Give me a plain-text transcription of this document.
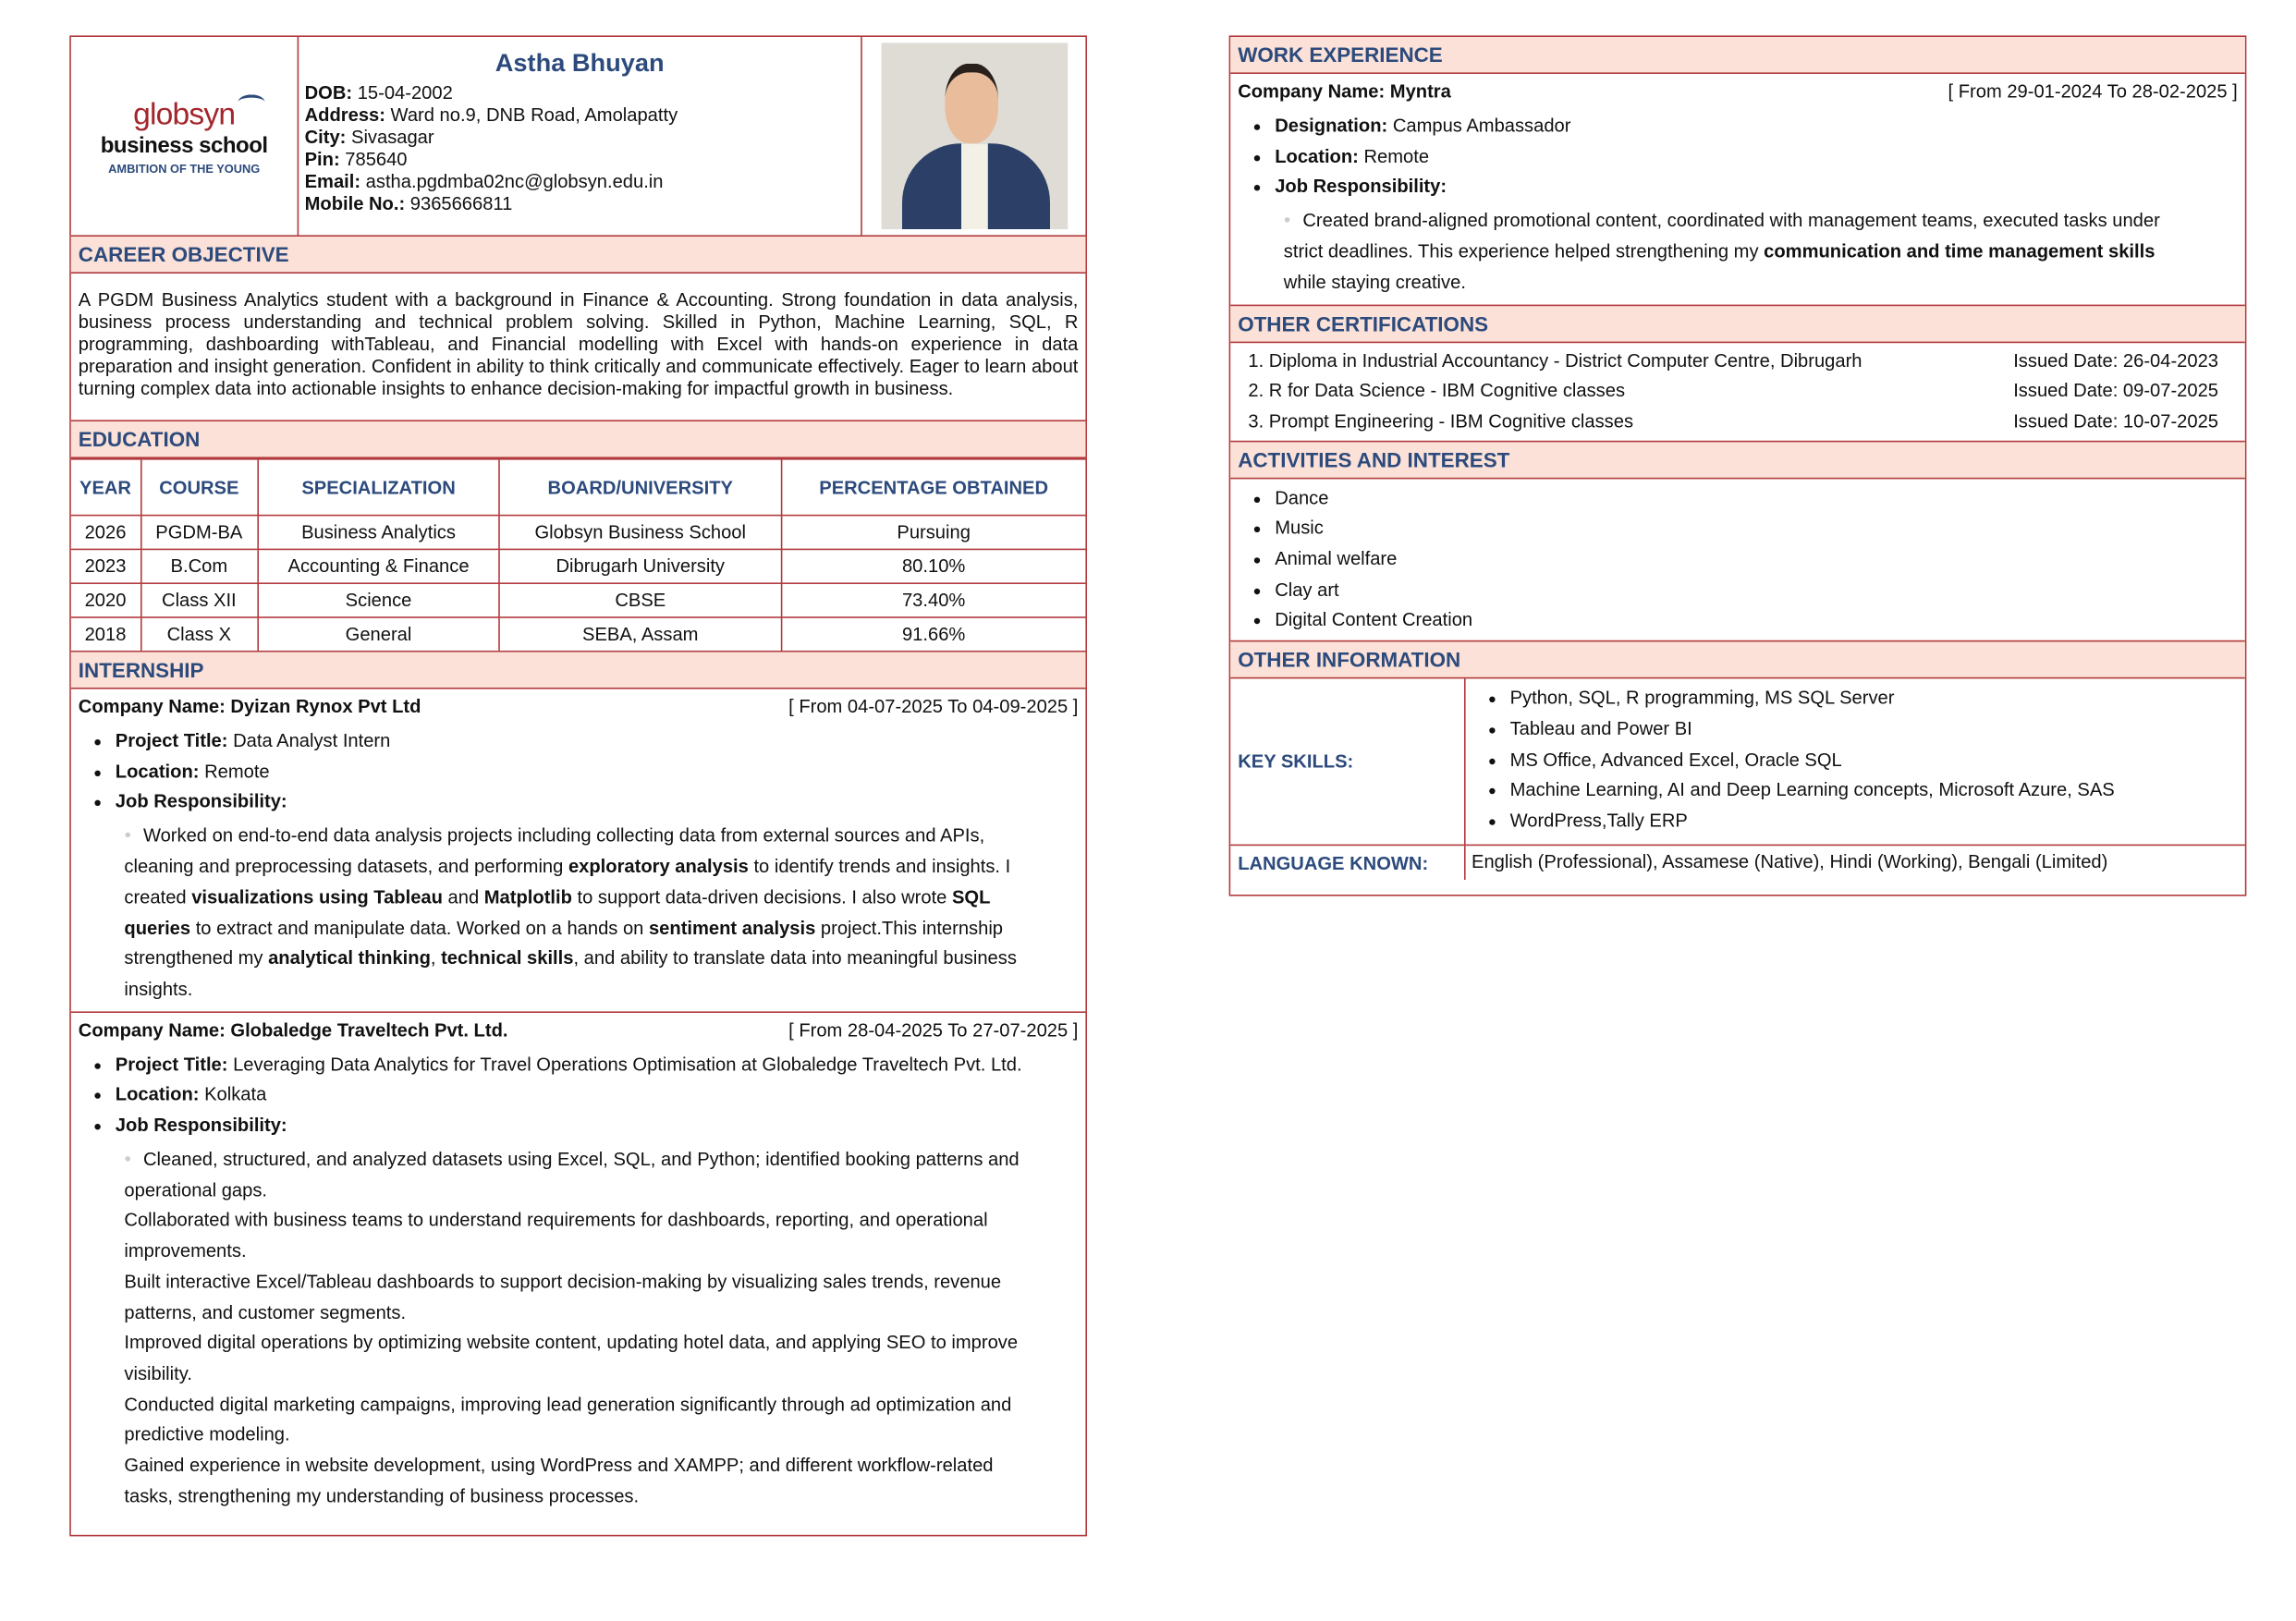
globsyn
business school
AMBITION OF THE YOUNG
Astha Bhuyan
DOB: 15-04-2002
Address: Ward no.9, DNB Road, Amolapatty
City: Sivasagar
Pin: 785640
Email: astha.pgdmba02nc@globsyn.edu.in
Mobile No.: 9365666811
CAREER OBJECTIVE
A PGDM Business Analytics student with a background in Finance & Accounting. Strong foundation in data analysis, business process understanding and technical problem solving. Skilled in Python, Machine Learning, SQL, R programming, dashboarding withTableau, and Financial modelling with Excel with hands-on experience in data preparation and insight generation. Confident in ability to think critically and communicate effectively. Eager to learn about turning complex data into actionable insights to enhance decision-making for impactful growth in business.
EDUCATION
YEAR	COURSE	SPECIALIZATION	BOARD/UNIVERSITY	PERCENTAGE OBTAINED
2026	PGDM-BA	Business Analytics	Globsyn Business School	Pursuing
2023	B.Com	Accounting & Finance	Dibrugarh University	80.10%
2020	Class XII	Science	CBSE	73.40%
2018	Class X	General	SEBA, Assam	91.66%
INTERNSHIP
Company Name: Dyizan Rynox Pvt Ltd	[ From 04-07-2025 To 04-09-2025 ]
• Project Title: Data Analyst Intern
• Location: Remote
• Job Responsibility:
● Worked on end-to-end data analysis projects including collecting data from external sources and APIs, cleaning and preprocessing datasets, and performing exploratory analysis to identify trends and insights. I created visualizations using Tableau and Matplotlib to support data-driven decisions. I also wrote SQL queries to extract and manipulate data. Worked on a hands on sentiment analysis project.This internship strengthened my analytical thinking, technical skills, and ability to translate data into meaningful business insights.
Company Name: Globaledge Traveltech Pvt. Ltd.	[ From 28-04-2025 To 27-07-2025 ]
• Project Title: Leveraging Data Analytics for Travel Operations Optimisation at Globaledge Traveltech Pvt. Ltd.
• Location: Kolkata
• Job Responsibility:
● Cleaned, structured, and analyzed datasets using Excel, SQL, and Python; identified booking patterns and operational gaps.
Collaborated with business teams to understand requirements for dashboards, reporting, and operational improvements.
Built interactive Excel/Tableau dashboards to support decision-making by visualizing sales trends, revenue patterns, and customer segments.
Improved digital operations by optimizing website content, updating hotel data, and applying SEO to improve visibility.
Conducted digital marketing campaigns, improving lead generation significantly through ad optimization and predictive modeling.
Gained experience in website development, using WordPress and XAMPP; and different workflow-related tasks, strengthening my understanding of business processes.
WORK EXPERIENCE
Company Name: Myntra	[ From 29-01-2024 To 28-02-2025 ]
• Designation: Campus Ambassador
• Location: Remote
• Job Responsibility:
● Created brand-aligned promotional content, coordinated with management teams, executed tasks under strict deadlines. This experience helped strengthening my communication and time management skills while staying creative.
OTHER CERTIFICATIONS
1. Diploma in Industrial Accountancy - District Computer Centre, Dibrugarh	Issued Date: 26-04-2023
2. R for Data Science - IBM Cognitive classes	Issued Date: 09-07-2025
3. Prompt Engineering - IBM Cognitive classes	Issued Date: 10-07-2025
ACTIVITIES AND INTEREST
• Dance
• Music
• Animal welfare
• Clay art
• Digital Content Creation
OTHER INFORMATION
KEY SKILLS:
• Python, SQL, R programming, MS SQL Server
• Tableau and Power BI
• MS Office, Advanced Excel, Oracle SQL
• Machine Learning, AI and Deep Learning concepts, Microsoft Azure, SAS
• WordPress,Tally ERP
LANGUAGE KNOWN:	English (Professional), Assamese (Native), Hindi (Working), Bengali (Limited)
